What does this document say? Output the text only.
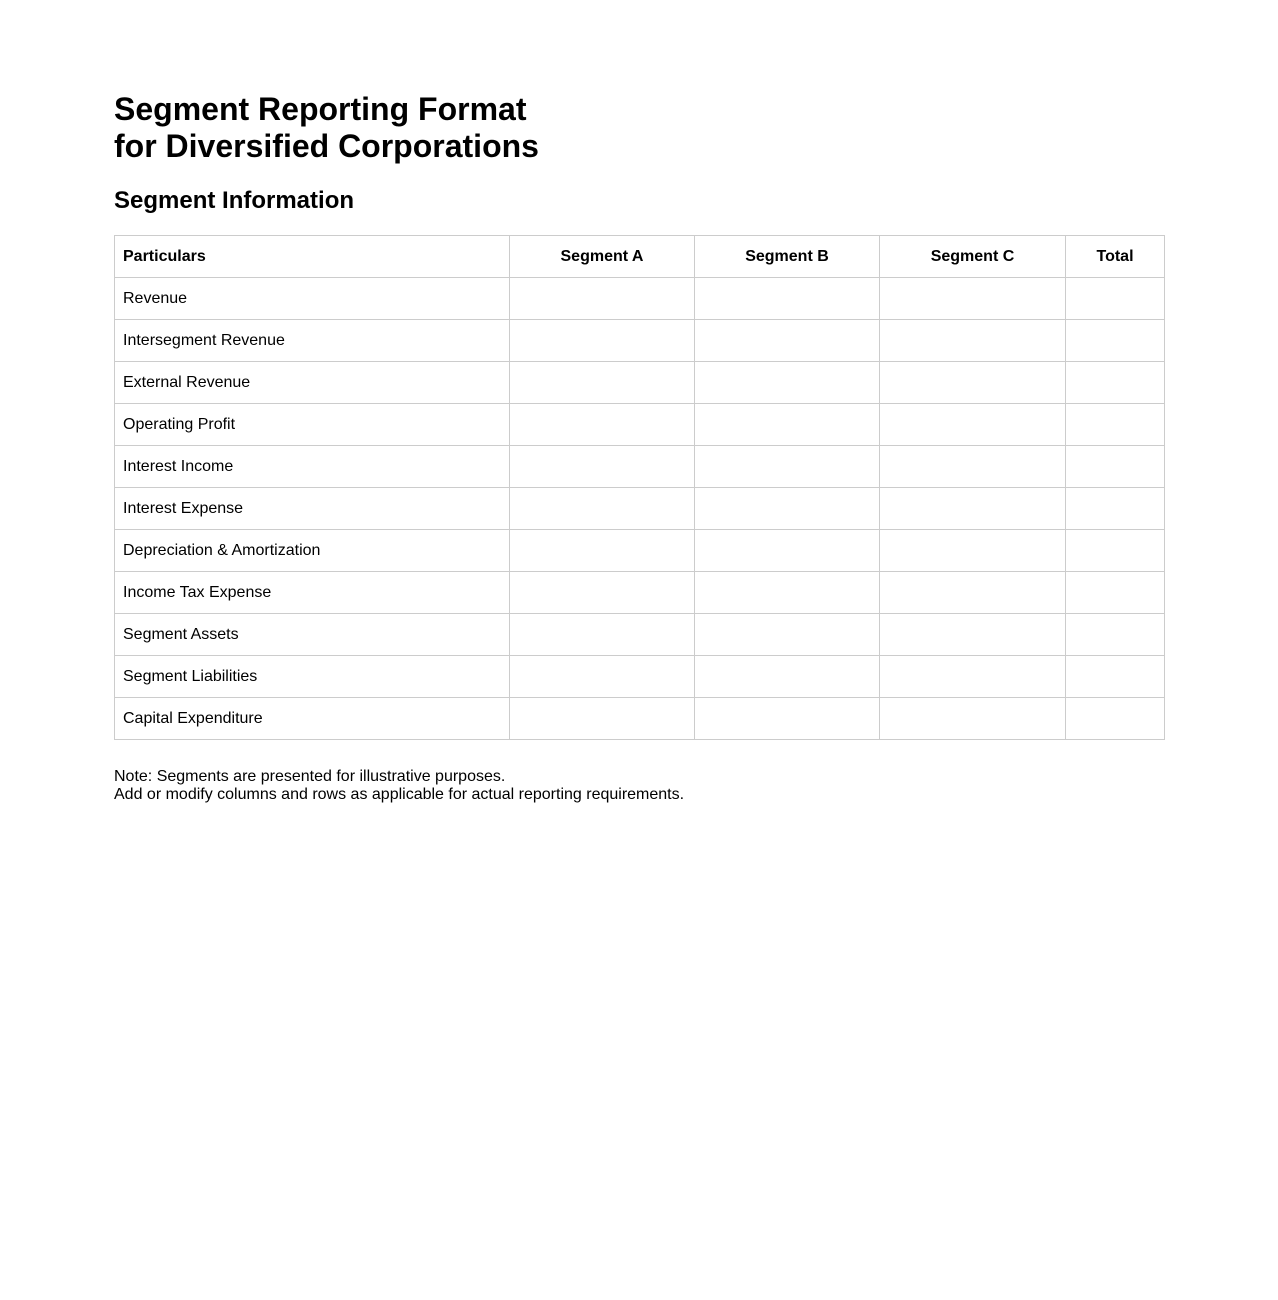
Segment Reporting Format
for Diversified Corporations
Segment Information
Particulars	Segment A	Segment B	Segment C	Total
Revenue				
Intersegment Revenue				
External Revenue				
Operating Profit				
Interest Income				
Interest Expense				
Depreciation & Amortization				
Income Tax Expense				
Segment Assets				
Segment Liabilities				
Capital Expenditure				
Note: Segments are presented for illustrative purposes.
Add or modify columns and rows as applicable for actual reporting requirements.
